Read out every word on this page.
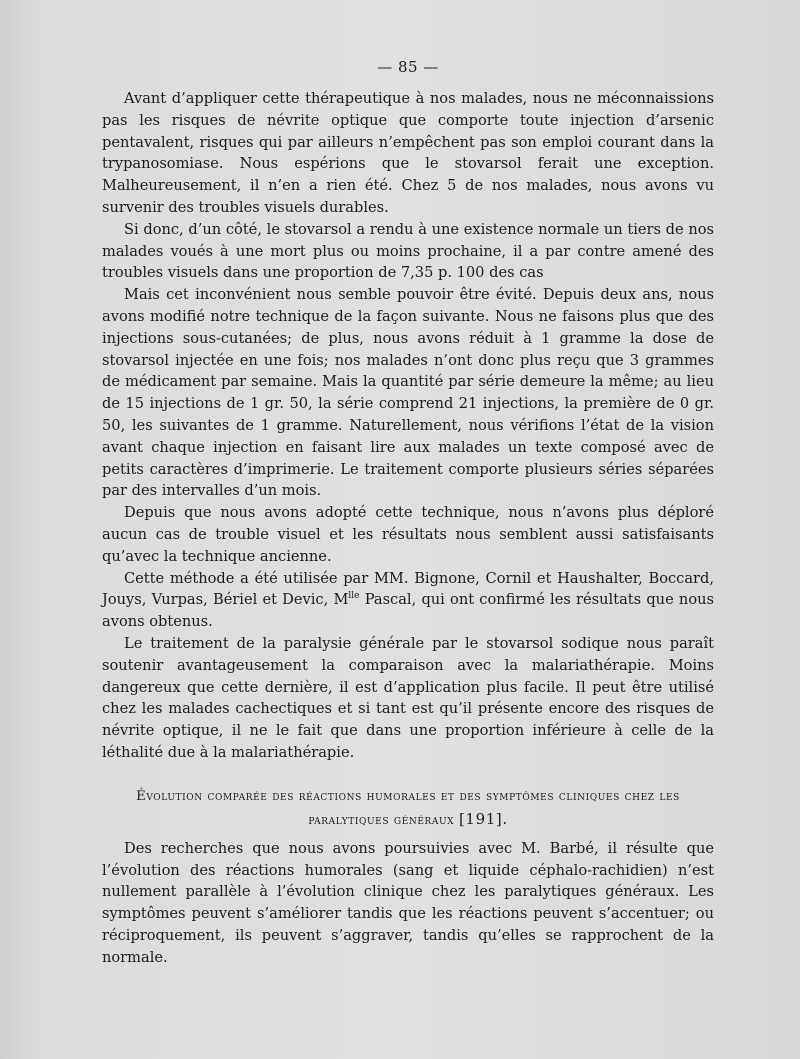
— 85 —

Avant d’appliquer cette thérapeutique à nos malades, nous ne méconnaissions pas les risques de névrite optique que comporte toute injection d’arsenic pentavalent, risques qui par ailleurs n’empêchent pas son emploi courant dans la trypanosomiase. Nous espérions que le stovarsol ferait une exception. Malheureusement, il n’en a rien été. Chez 5 de nos malades, nous avons vu survenir des troubles visuels durables.

Si donc, d’un côté, le stovarsol a rendu à une existence normale un tiers de nos malades voués à une mort plus ou moins prochaine, il a par contre amené des troubles visuels dans une proportion de 7,35 p. 100 des cas

Mais cet inconvénient nous semble pouvoir être évité. Depuis deux ans, nous avons modifié notre technique de la façon suivante. Nous ne faisons plus que des injections sous-cutanées; de plus, nous avons réduit à 1 gramme la dose de stovarsol injectée en une fois; nos malades n’ont donc plus reçu que 3 grammes de médicament par semaine. Mais la quantité par série demeure la même; au lieu de 15 injections de 1 gr. 50, la série comprend 21 injections, la première de 0 gr. 50, les suivantes de 1 gramme. Naturellement, nous vérifions l’état de la vision avant chaque injection en faisant lire aux malades un texte composé avec de petits caractères d’imprimerie. Le traitement comporte plusieurs séries séparées par des intervalles d’un mois.

Depuis que nous avons adopté cette technique, nous n’avons plus déploré aucun cas de trouble visuel et les résultats nous semblent aussi satisfaisants qu’avec la technique ancienne.

Cette méthode a été utilisée par MM. Bignone, Cornil et Haushalter, Boccard, Jouys, Vurpas, Bériel et Devic, $M^{lle}$ Pascal, qui ont confirmé les résultats que nous avons obtenus.

Le traitement de la paralysie générale par le stovarsol sodique nous paraît soutenir avantageusement la comparaison avec la malariathérapie. Moins dangereux que cette dernière, il est d’application plus facile. Il peut être utilisé chez les malades cachectiques et si tant est qu’il présente encore des risques de névrite optique, il ne le fait que dans une proportion inférieure à celle de la léthalité due à la malariathérapie.

Évolution comparée des réactions humorales et des symptômes cliniques chez les paralytiques généraux [191].

Des recherches que nous avons poursuivies avec M. Barbé, il résulte que l’évolution des réactions humorales (sang et liquide céphalo-rachidien) n’est nullement parallèle à l’évolution clinique chez les paralytiques généraux. Les symptômes peuvent s’améliorer tandis que les réactions peuvent s’accentuer; ou réciproquement, ils peuvent s’aggraver, tandis qu’elles se rapprochent de la normale.
